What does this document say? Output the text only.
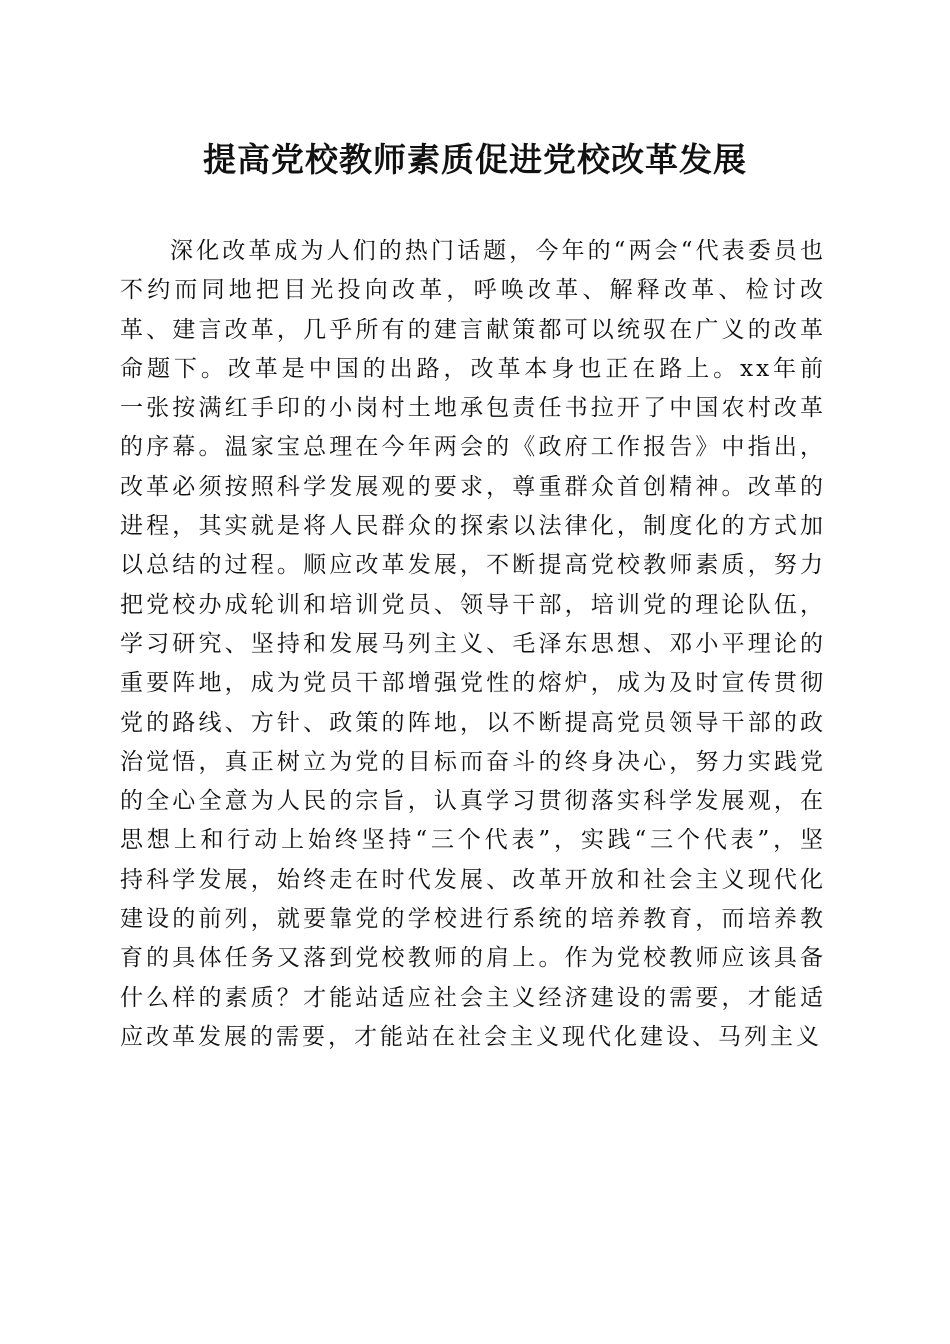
提高党校教师素质促进党校改革发展

深化改革成为人们的热门话题，今年的“两会“代表委员也不约而同地把目光投向改革，呼唤改革、解释改革、检讨改革、建言改革，几乎所有的建言献策都可以统驭在广义的改革命题下。改革是中国的出路，改革本身也正在路上。xx年前一张按满红手印的小岗村土地承包责任书拉开了中国农村改革的序幕。温家宝总理在今年两会的《政府工作报告》中指出，改革必须按照科学发展观的要求，尊重群众首创精神。改革的进程，其实就是将人民群众的探索以法律化，制度化的方式加以总结的过程。顺应改革发展，不断提高党校教师素质，努力把党校办成轮训和培训党员、领导干部，培训党的理论队伍，学习研究、坚持和发展马列主义、毛泽东思想、邓小平理论的重要阵地，成为党员干部增强党性的熔炉，成为及时宣传贯彻党的路线、方针、政策的阵地，以不断提高党员领导干部的政治觉悟，真正树立为党的目标而奋斗的终身决心，努力实践党的全心全意为人民的宗旨，认真学习贯彻落实科学发展观，在思想上和行动上始终坚持“三个代表”，实践“三个代表”，坚持科学发展，始终走在时代发展、改革开放和社会主义现代化建设的前列，就要靠党的学校进行系统的培养教育，而培养教育的具体任务又落到党校教师的肩上。作为党校教师应该具备什么样的素质？才能站适应社会主义经济建设的需要，才能适应改革发展的需要，才能站在社会主义现代化建设、马列主义
